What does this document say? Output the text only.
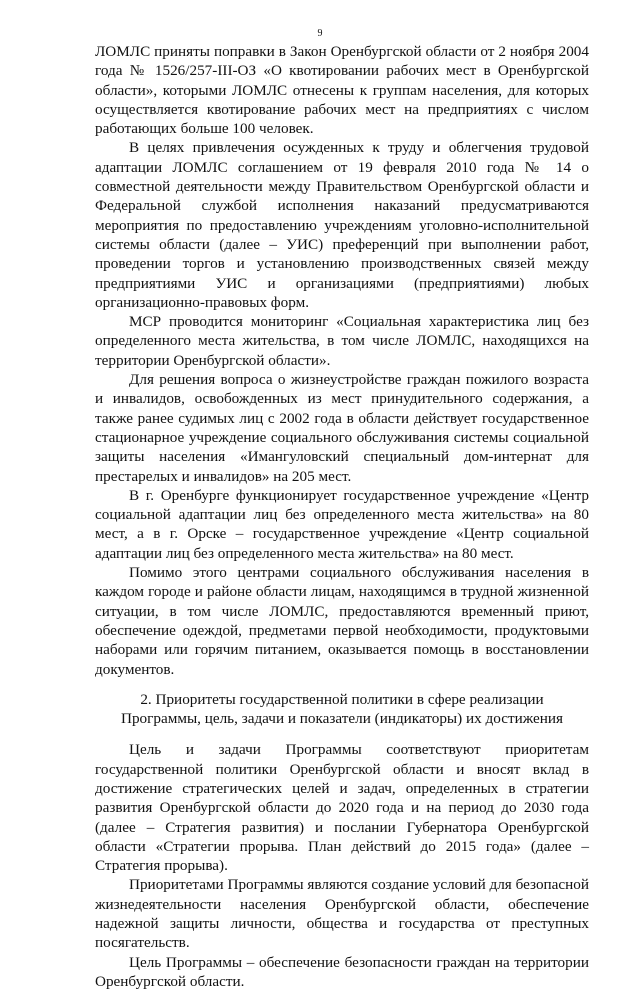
9

ЛОМЛС приняты поправки в Закон Оренбургской области от 2 ноября 2004 года № 1526/257-III-ОЗ «О квотировании рабочих мест в Оренбургской области», которыми ЛОМЛС отнесены к группам населения, для которых осуществляется квотирование рабочих мест на предприятиях с числом работающих больше 100 человек.

В целях привлечения осужденных к труду и облегчения трудовой адаптации ЛОМЛС соглашением от 19 февраля 2010 года № 14 о совместной деятельности между Правительством Оренбургской области и Федеральной службой исполнения наказаний предусматриваются мероприятия по предоставлению учреждениям уголовно-исполнительной системы области (далее – УИС) преференций при выполнении работ, проведении торгов и установлению производственных связей между предприятиями УИС и организациями (предприятиями) любых организационно-правовых форм.

МСР проводится мониторинг «Социальная характеристика лиц без определенного места жительства, в том числе ЛОМЛС, находящихся на территории Оренбургской области».

Для решения вопроса о жизнеустройстве граждан пожилого возраста и инвалидов, освобожденных из мест принудительного содержания, а также ранее судимых лиц с 2002 года в области действует государственное стационарное учреждение социального обслуживания системы социальной защиты населения «Имангуловский специальный дом-интернат для престарелых и инвалидов» на 205 мест.

В г. Оренбурге функционирует государственное учреждение «Центр социальной адаптации лиц без определенного места жительства» на 80 мест, а в г. Орске – государственное учреждение «Центр социальной адаптации лиц без определенного места жительства» на 80 мест.

Помимо этого центрами социального обслуживания населения в каждом городе и районе области лицам, находящимся в трудной жизненной ситуации, в том числе ЛОМЛС, предоставляются временный приют, обеспечение одеждой, предметами первой необходимости, продуктовыми наборами или горячим питанием, оказывается помощь в восстановлении документов.

2. Приоритеты государственной политики в сфере реализации
Программы, цель, задачи и показатели (индикаторы) их достижения

Цель и задачи Программы соответствуют приоритетам государственной политики Оренбургской области и вносят вклад в достижение стратегических целей и задач, определенных в стратегии развития Оренбургской области до 2020 года и на период до 2030 года (далее – Стратегия развития) и послании Губернатора Оренбургской области «Стратегии прорыва. План действий до 2015 года» (далее – Стратегия прорыва).

Приоритетами Программы являются создание условий для безопасной жизнедеятельности населения Оренбургской области, обеспечение надежной защиты личности, общества и государства от преступных посягательств.

Цель Программы – обеспечение безопасности граждан на территории Оренбургской области.
